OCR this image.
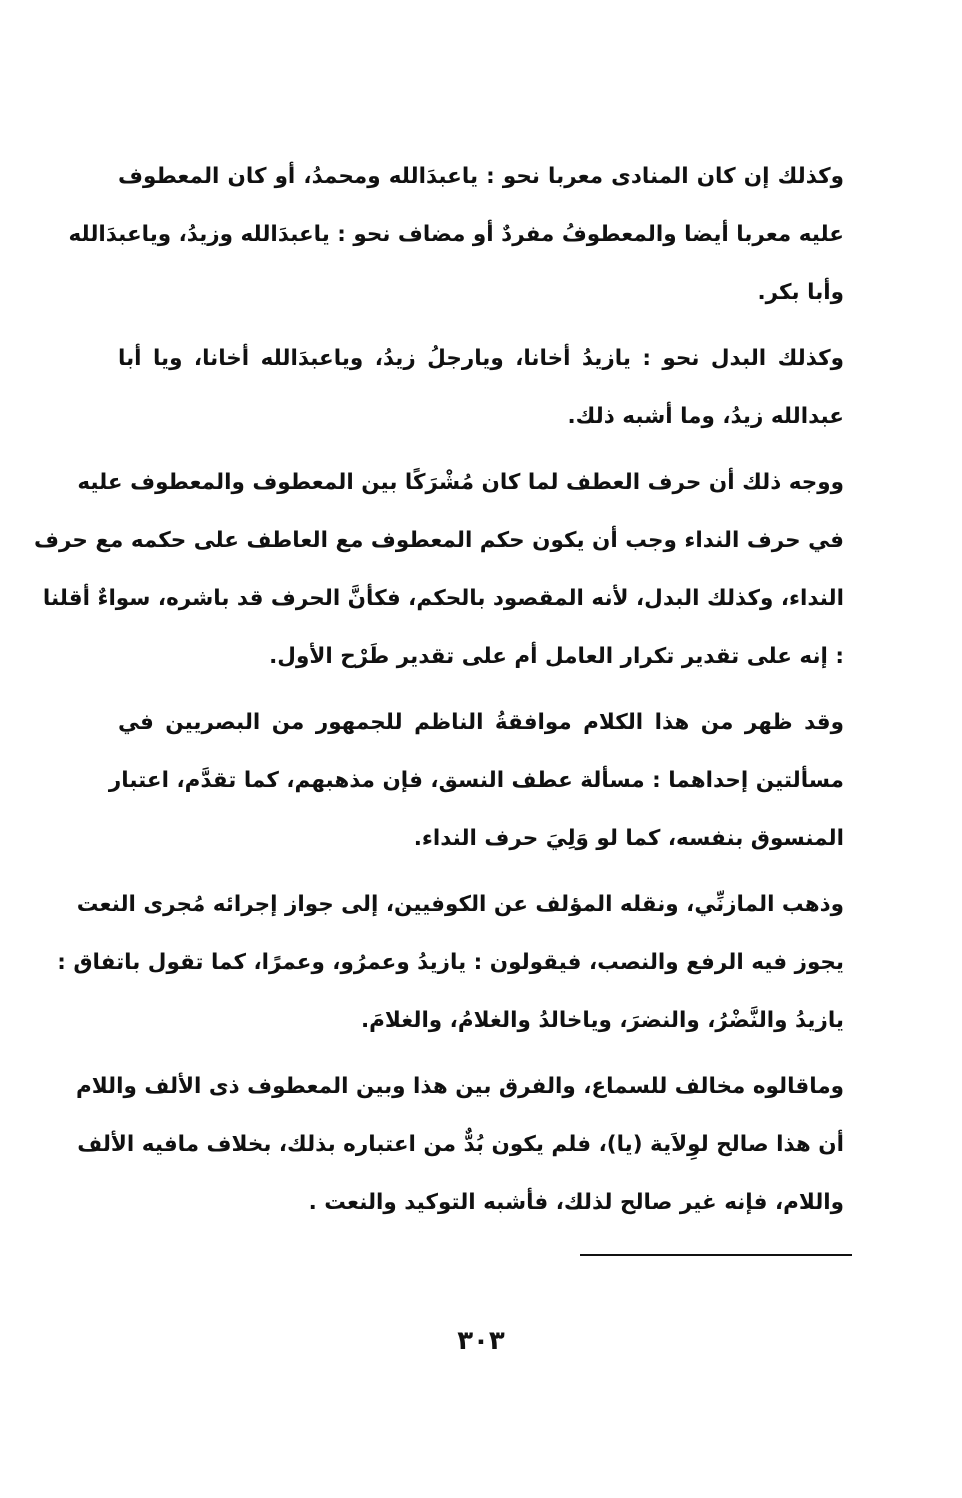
وكذلك إن كان المنادى معربا نحو : ياعبدَالله ومحمدُ، أو كان المعطوف
عليه معربا أيضا والمعطوفُ مفردٌ أو مضاف نحو : ياعبدَالله وزيدُ، وياعبدَالله
وأبا بكر.

وكذلك البدل نحو : يازيدُ أخانا، ويارجلُ زيدُ، وياعبدَالله أخانا، ويا أبا
عبدالله زيدُ، وما أشبه ذلك.

ووجه ذلك أن حرف العطف لما كان مُشْرَكًا بين المعطوف والمعطوف عليه
في حرف النداء وجب أن يكون حكم المعطوف مع العاطف على حكمه مع حرف
النداء، وكذلك البدل، لأنه المقصود بالحكم، فكأنَّ الحرف قد باشره، سواءٌ أقلنا
: إنه على تقدير تكرار العامل أم على تقدير طَرْح الأول.

وقد ظهر من هذا الكلام موافقةُ الناظم للجمهور من البصريين في
مسألتين إحداهما : مسألة عطف النسق، فإن مذهبهم، كما تقدَّم، اعتبار
المنسوق بنفسه، كما لو وَلِيَ حرف النداء.

وذهب المازنِّي، ونقله المؤلف عن الكوفيين، إلى جواز إجرائه مُجرى النعت
يجوز فيه الرفع والنصب، فيقولون : يازيدُ وعمرُو، وعمرًا، كما تقول باتفاق :
يازيدُ والنَّضْرُ، والنضرَ، وياخالدُ والغلامُ، والغلامَ.

وماقالوه مخالف للسماع، والفرق بين هذا وبين المعطوف ذى الألف واللام
أن هذا صالح لوِلاَية (يا)، فلم يكون بُدٌّ من اعتباره بذلك، بخلاف مافيه الألف
واللام، فإنه غير صالح لذلك، فأشبه التوكيد والنعت .

٣٠٣
